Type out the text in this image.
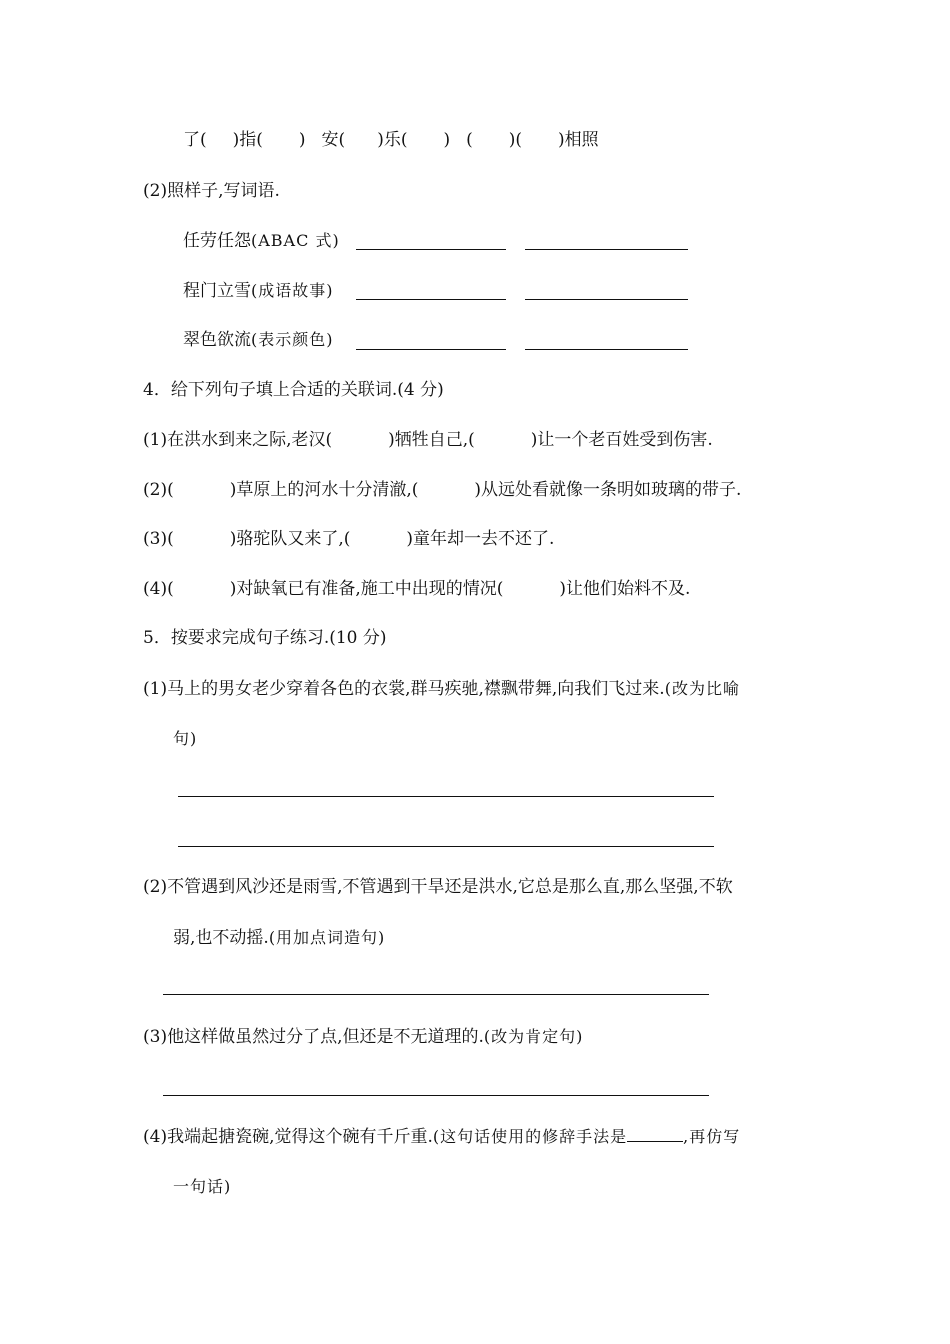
了( )指( ) 安( )乐( ) ( )( )相照
(2)照样子,写词语.
任劳任怨(ABAC 式)
程门立雪(成语故事)
翠色欲流(表示颜色)
4．给下列句子填上合适的关联词.(4 分)
(1)在洪水到来之际,老汉(	)牺牲自己,(	)让一个老百姓受到伤害.
(2)(	)草原上的河水十分清澈,(	)从远处看就像一条明如玻璃的带子.
(3)(	)骆驼队又来了,(	)童年却一去不还了.
(4)(	)对缺氧已有准备,施工中出现的情况(	)让他们始料不及.
5．按要求完成句子练习.(10 分)
(1)马上的男女老少穿着各色的衣裳,群马疾驰,襟飘带舞,向我们飞过来.(改为比喻
句)
(2)不管遇到风沙还是雨雪,不管遇到干旱还是洪水,它总是那么直,那么坚强,不软
弱,也不动摇.(用加点词造句)
(3)他这样做虽然过分了点,但还是不无道理的.(改为肯定句)
(4)我端起搪瓷碗,觉得这个碗有千斤重.(这句话使用的修辞手法是	,再仿写
一句话)
